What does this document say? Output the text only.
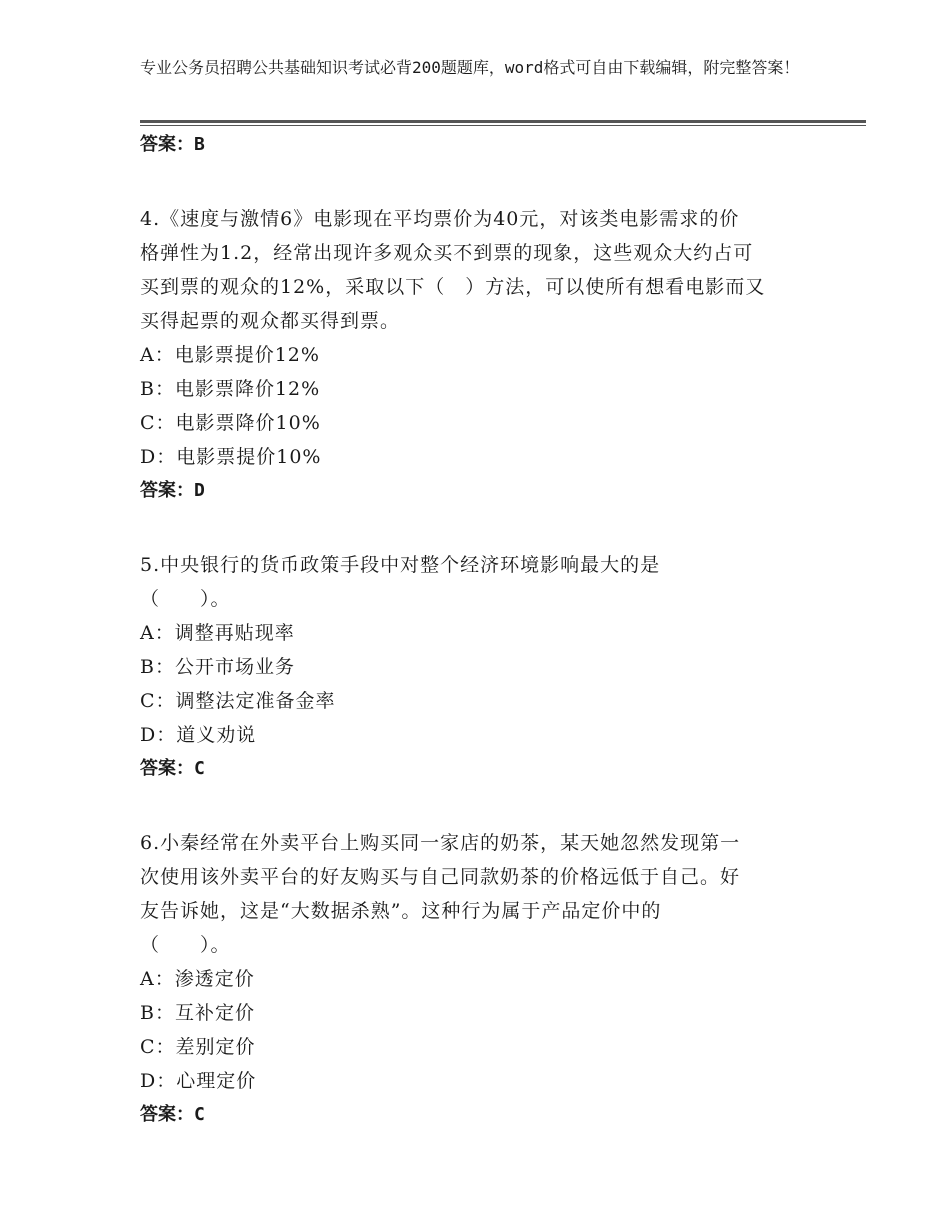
专业公务员招聘公共基础知识考试必背200题题库，word格式可自由下载编辑，附完整答案！
答案：B
4.《速度与激情6》电影现在平均票价为40元，对该类电影需求的价
格弹性为1.2，经常出现许多观众买不到票的现象，这些观众大约占可
买到票的观众的12%，采取以下（　）方法，可以使所有想看电影而又
买得起票的观众都买得到票。
A：电影票提价12%
B：电影票降价12%
C：电影票降价10%
D：电影票提价10%
答案：D
5.中央银行的货币政策手段中对整个经济环境影响最大的是
（　　）。
A：调整再贴现率
B：公开市场业务
C：调整法定准备金率
D：道义劝说
答案：C
6.小秦经常在外卖平台上购买同一家店的奶茶，某天她忽然发现第一
次使用该外卖平台的好友购买与自己同款奶茶的价格远低于自己。好
友告诉她，这是“大数据杀熟”。这种行为属于产品定价中的
（　　）。
A：渗透定价
B：互补定价
C：差别定价
D：心理定价
答案：C
